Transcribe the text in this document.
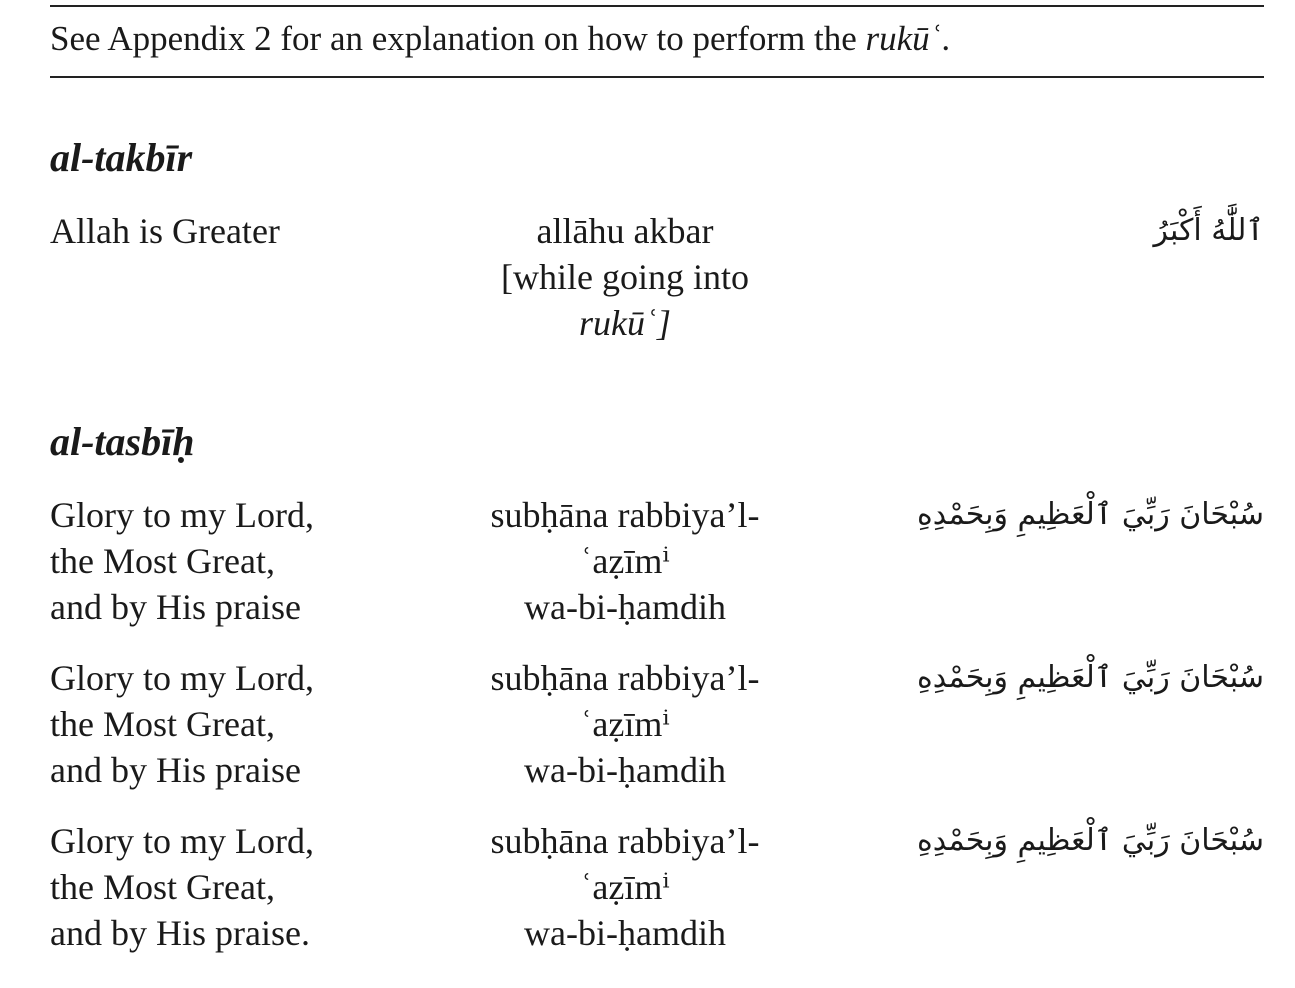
See Appendix 2 for an explanation on how to perform the rukūʿ.
al-takbīr
Allah is Greater	allāhu akbar
[while going into
rukūʿ]
ٱللَّٰهُ أَكْبَرُ
al-tasbīḥ
Glory to my Lord,
the Most Great,
and by His praise
subḥāna rabbiya’l-
ʿaẓīmⁱ
wa-bi-ḥamdih
سُبْحَانَ رَبِّيَ ٱلْعَظِيمِ وَبِحَمْدِهِ
Glory to my Lord,
the Most Great,
and by His praise
subḥāna rabbiya’l-
ʿaẓīmⁱ
wa-bi-ḥamdih
سُبْحَانَ رَبِّيَ ٱلْعَظِيمِ وَبِحَمْدِهِ
Glory to my Lord,
the Most Great,
and by His praise.
subḥāna rabbiya’l-
ʿaẓīmⁱ
wa-bi-ḥamdih
سُبْحَانَ رَبِّيَ ٱلْعَظِيمِ وَبِحَمْدِهِ
